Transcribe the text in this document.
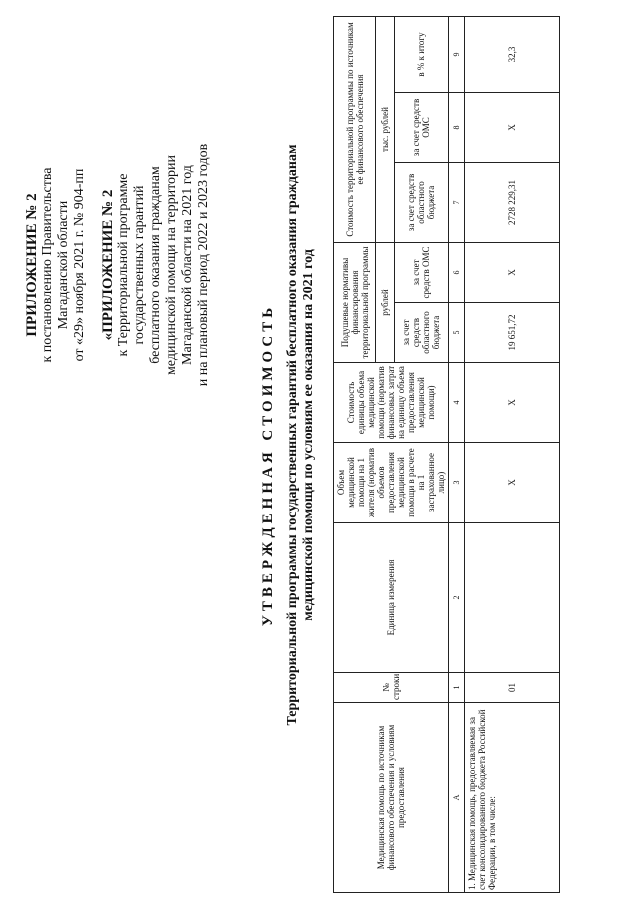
ПРИЛОЖЕНИЕ № 2 к постановлению Правительства Магаданской области от «29» ноября 2021 г. № 904-пп «ПРИЛОЖЕНИЕ № 2 к Территориальной программе государственных гарантий бесплатного оказания гражданам медицинской помощи на территории Магаданской области на 2021 год и на плановый период 2022 и 2023 годов
УТВЕРЖДЕННАЯ СТОИМОСТЬ Территориальной программы государственных гарантий бесплатного оказания гражданам медицинской помощи по условиям ее оказания на 2021 год
Медицинская помощь по источникам финансового обеспечения и условиям предоставления	№ строки	Единица измерения	Объем медицинской помощи на 1 жителя (норматив объемов предоставления медицинской помощи в расчете на 1 застрахованное лицо)	Стоимость единицы объема медицинской помощи (норматив финансовых затрат на единицу объема предоставления медицинской помощи)	Подушевые нормативы финансирования территориальной программы		Стоимость территориальной программы по источникам ее финансового обеспечения		
					рублей		тыс. рублей		
					за счет средств областного бюджета	за счет средств ОМС	за счет средств областного бюджета	за счет средств ОМС	в % к итогу
А	1	2	3	4	5	6	7	8	9
1. Медицинская помощь, предоставляемая за счет консолидированного бюджета Российской Федерации, в том числе:	01		X	X	19 651,72	X	2728 229,31	X	32,3
